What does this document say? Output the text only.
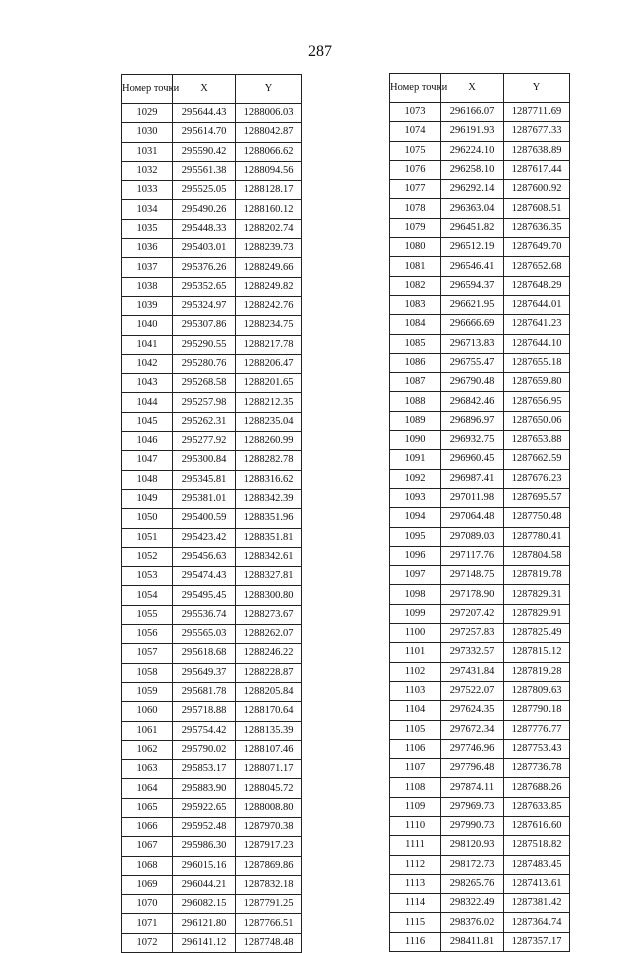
287
Номер точки	X	Y
1029	295644.43	1288006.03
1030	295614.70	1288042.87
1031	295590.42	1288066.62
1032	295561.38	1288094.56
1033	295525.05	1288128.17
1034	295490.26	1288160.12
1035	295448.33	1288202.74
1036	295403.01	1288239.73
1037	295376.26	1288249.66
1038	295352.65	1288249.82
1039	295324.97	1288242.76
1040	295307.86	1288234.75
1041	295290.55	1288217.78
1042	295280.76	1288206.47
1043	295268.58	1288201.65
1044	295257.98	1288212.35
1045	295262.31	1288235.04
1046	295277.92	1288260.99
1047	295300.84	1288282.78
1048	295345.81	1288316.62
1049	295381.01	1288342.39
1050	295400.59	1288351.96
1051	295423.42	1288351.81
1052	295456.63	1288342.61
1053	295474.43	1288327.81
1054	295495.45	1288300.80
1055	295536.74	1288273.67
1056	295565.03	1288262.07
1057	295618.68	1288246.22
1058	295649.37	1288228.87
1059	295681.78	1288205.84
1060	295718.88	1288170.64
1061	295754.42	1288135.39
1062	295790.02	1288107.46
1063	295853.17	1288071.17
1064	295883.90	1288045.72
1065	295922.65	1288008.80
1066	295952.48	1287970.38
1067	295986.30	1287917.23
1068	296015.16	1287869.86
1069	296044.21	1287832.18
1070	296082.15	1287791.25
1071	296121.80	1287766.51
1072	296141.12	1287748.48
Номер точки	X	Y
1073	296166.07	1287711.69
1074	296191.93	1287677.33
1075	296224.10	1287638.89
1076	296258.10	1287617.44
1077	296292.14	1287600.92
1078	296363.04	1287608.51
1079	296451.82	1287636.35
1080	296512.19	1287649.70
1081	296546.41	1287652.68
1082	296594.37	1287648.29
1083	296621.95	1287644.01
1084	296666.69	1287641.23
1085	296713.83	1287644.10
1086	296755.47	1287655.18
1087	296790.48	1287659.80
1088	296842.46	1287656.95
1089	296896.97	1287650.06
1090	296932.75	1287653.88
1091	296960.45	1287662.59
1092	296987.41	1287676.23
1093	297011.98	1287695.57
1094	297064.48	1287750.48
1095	297089.03	1287780.41
1096	297117.76	1287804.58
1097	297148.75	1287819.78
1098	297178.90	1287829.31
1099	297207.42	1287829.91
1100	297257.83	1287825.49
1101	297332.57	1287815.12
1102	297431.84	1287819.28
1103	297522.07	1287809.63
1104	297624.35	1287790.18
1105	297672.34	1287776.77
1106	297746.96	1287753.43
1107	297796.48	1287736.78
1108	297874.11	1287688.26
1109	297969.73	1287633.85
1110	297990.73	1287616.60
1111	298120.93	1287518.82
1112	298172.73	1287483.45
1113	298265.76	1287413.61
1114	298322.49	1287381.42
1115	298376.02	1287364.74
1116	298411.81	1287357.17
